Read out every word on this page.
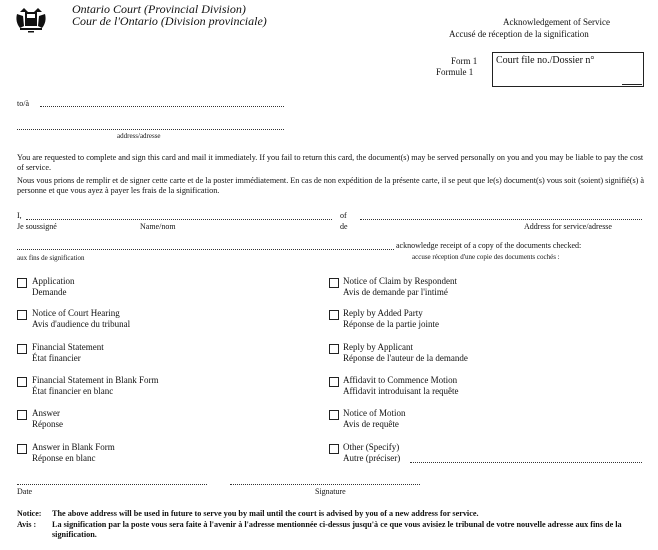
Ontario Court (Provincial Division)
Cour de l'Ontario (Division provinciale)	Acknowledgement of Service
Accusé de réception de la signification
Form 1
Formule 1
Court file no./Dossier n°
to/à
address/adresse
You are requested to complete and sign this card and mail it immediately. If you fail to return this card, the document(s) may be served personally on you and you may be liable to pay the cost of service.
Nous vous prions de remplir et de signer cette carte et de la poster immédiatement. En cas de non expédition de la présente carte, il se peut que le(s) document(s) vous soit (soient) signifié(s) à personne et que vous ayez à payer les frais de la signification.
I,
Je soussigné	Name/nom
of
de	Address for service/adresse
acknowledge receipt of a copy of the documents checked:
accuse réception d'une copie des documents cochés :
aux fins de signification
Application
Demande
Notice of Court Hearing
Avis d'audience du tribunal
Financial Statement
État financier
Financial Statement in Blank Form
État financier en blanc
Answer
Réponse
Answer in Blank Form
Réponse en blanc
Notice of Claim by Respondent
Avis de demande par l'intimé
Reply by Added Party
Réponse de la partie jointe
Reply by Applicant
Réponse de l'auteur de la demande
Affidavit to Commence Motion
Affidavit introduisant la requête
Notice of Motion
Avis de requête
Other (Specify)
Autre (préciser)
Date	Signature
Notice: The above address will be used in future to serve you by mail until the court is advised by you of a new address for service.
Avis : La signification par la poste vous sera faite à l'avenir à l'adresse mentionnée ci-dessus jusqu'à ce que vous avisiez le tribunal de votre nouvelle adresse aux fins de la signification.
